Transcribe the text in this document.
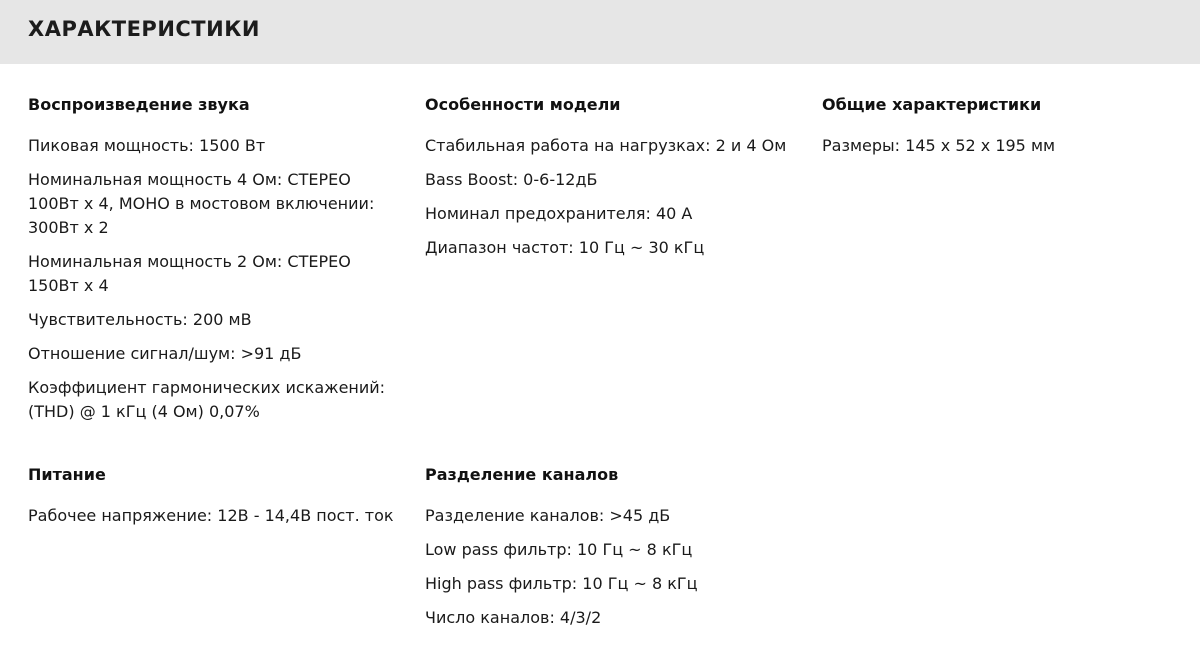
ХАРАКТЕРИСТИКИ
Воспроизведение звука
Пиковая мощность: 1500 Вт
Номинальная мощность 4 Ом: СТЕРЕО 100Вт х 4, МОНО в мостовом включении: 300Вт х 2
Номинальная мощность 2 Ом: СТЕРЕО 150Вт х 4
Чувствительность: 200 мВ
Отношение сигнал/шум: >91 дБ
Коэффициент гармонических искажений: (THD) @ 1 кГц (4 Ом) 0,07%
Особенности модели
Стабильная работа на нагрузках: 2 и 4 Ом
Bass Boost: 0-6-12дБ
Номинал предохранителя: 40 А
Диапазон частот: 10 Гц ~ 30 кГц
Общие характеристики
Размеры: 145 х 52 х 195 мм
Питание
Рабочее напряжение: 12В - 14,4В пост. ток
Разделение каналов
Разделение каналов: >45 дБ
Low pass фильтр: 10 Гц ~ 8 кГц
High pass фильтр: 10 Гц ~ 8 кГц
Число каналов: 4/3/2
